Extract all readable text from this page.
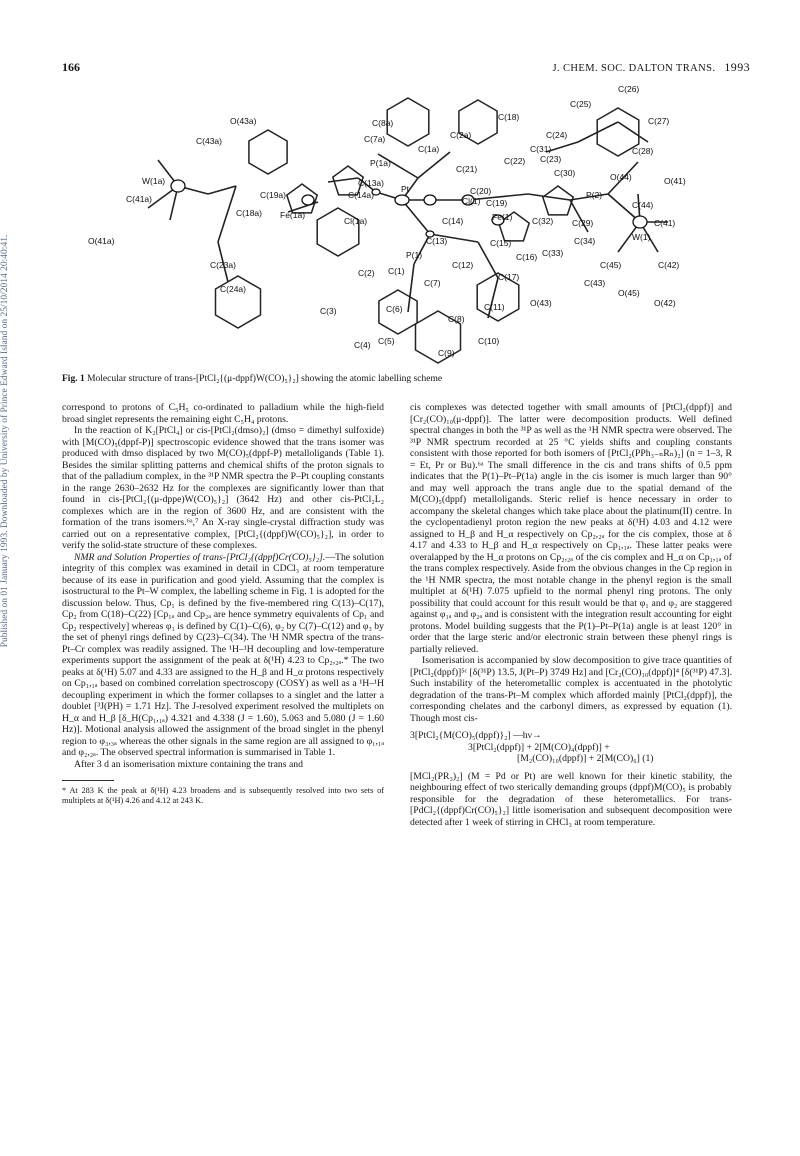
166	J. CHEM. SOC. DALTON TRANS. 1993
Published on 01 January 1993. Downloaded by University of Prince Edward Island on 25/10/2014 20:40:41.
C(26)
C(25)
C(27)
C(18)
C(24)
C(28)
C(31)
C(23)
C(8a)
C(2a)
C(7a)
C(1a)
C(22)
C(30)	O(44)	O(41)
O(43a)
C(43a)
P(1a)
C(21)
C(13a)
C(20)
W(1a)
C(14a)
Cl(1) C(19)
P(2)
C(44)
C(41a)	C(19a)
Pt
C(18a) Fe(1a)
Cl(1a)	C(14)	Fe(1) C(32) C(29)	C(41)
O(41a)	C(13)	C(15)	C(34)	W(1)
P(1)	C(16) C(33)
C(12)
C(23a)
C(2) C(1)
C(17)
C(45)	C(42)
C(7)	C(43)
C(24a)	O(45)
C(3)	C(6)	C(11)	O(43)	O(42)
C(8)
C(4) C(5)	C(10)
C(9)
Fig. 1 Molecular structure of trans-[PtCl₂{(μ-dppf)W(CO)₅}₂] showing the atomic labelling scheme

correspond to protons of C₅H₅ co-ordinated to palladium while the high-field broad singlet represents the remaining eight C₅H₄ protons.

In the reaction of K₂[PtCl₄] or cis-[PtCl₂(dmso)₂] (dmso = dimethyl sulfoxide) with [M(CO)₅(dppf-P)] spectroscopic evidence showed that the trans isomer was produced with dmso displaced by two M(CO)₅(dppf-P) metalloligands (Table 1). Besides the similar splitting patterns and chemical shifts of the proton signals to that of the palladium complex, in the ³¹P NMR spectra the P–Pt coupling constants in the range 2630–2632 Hz for the complexes are significantly lower than that found in cis-[PtCl₂{(μ-dppe)W(CO)₅}₂] (3642 Hz) and other cis-PtCl₂L₂ complexes which are in the region of 3600 Hz, and are consistent with the formation of the trans isomers.⁶ᵃ,⁷ An X-ray single-crystal diffraction study was carried out on a representative complex, [PtCl₂{(dppf)W(CO)₅}₂], in order to verify the solid-state structure of these complexes.

NMR and Solution Properties of trans-[PtCl₂{(dppf)Cr(CO)₅}₂].—The solution integrity of this complex was examined in detail in CDCl₃ at room temperature because of its ease in purification and good yield. Assuming that the complex is isostructural to the Pt–W complex, the labelling scheme in Fig. 1 is adopted for the discussion below. Thus, Cp₁ is defined by the five-membered ring C(13)–C(17), Cp₂ from C(18)–C(22) [Cp₁ₐ and Cp₂ₐ are hence symmetry equivalents of Cp₁ and Cp₂ respectively] whereas φ₁ is defined by C(1)–C(6), φ₂ by C(7)–C(12) and φ₃ by the set of phenyl rings defined by C(23)–C(34). The ¹H NMR spectra of the trans-Pt–Cr complex was readily assigned. The ¹H–¹H decoupling and low-temperature experiments support the assignment of the peak at δ(¹H) 4.23 to Cp₂,₂ₐ.* The two peaks at δ(¹H) 5.07 and 4.33 are assigned to the H_β and H_α protons respectively on Cp₁,₁ₐ based on combined correlation spectroscopy (COSY) as well as a ¹H–¹H decoupling experiment in which the former collapses to a singlet and the latter a doublet [³J(PH) = 1.71 Hz]. The J-resolved experiment resolved the multiplets on H_α and H_β [δ_H(Cp₁,₁ₐ) 4.321 and 4.338 (J = 1.60), 5.063 and 5.080 (J = 1.60 Hz)]. Motional analysis allowed the assignment of the broad singlet in the phenyl region to φ₃,₃ₐ whereas the other signals in the same region are all assigned to φ₁,₁ₐ and φ₂,₂ₐ. The observed spectral information is summarised in Table 1.

After 3 d an isomerisation mixture containing the trans and

* At 283 K the peak at δ(¹H) 4.23 broadens and is subsequently resolved into two sets of multiplets at δ(¹H) 4.26 and 4.12 at 243 K.

cis complexes was detected together with small amounts of [PtCl₂(dppf)] and [Cr₂(CO)₁₀(μ-dppf)]. The latter were decomposition products. Well defined spectral changes in both the ³¹P as well as the ¹H NMR spectra were observed. The ³¹P NMR spectrum recorded at 25 °C yields shifts and coupling constants consistent with those reported for both isomers of [PtCl₂(PPh₃₋ₙRₙ)₂] (n = 1–3, R = Et, Pr or Bu).⁶ᵃ The small difference in the cis and trans shifts of 0.5 ppm indicates that the P(1)–Pt–P(1a) angle in the cis isomer is much larger than 90° and may well approach the trans angle due to the spatial demand of the M(CO)₅(dppf) metalloligands. Steric relief is hence necessary in order to accompany the skeletal changes which take place about the platinum(II) centre. In the cyclopentadienyl proton region the new peaks at δ(¹H) 4.03 and 4.12 were assigned to H_β and H_α respectively on Cp₂,₂ₐ for the cis complex, those at δ 4.17 and 4.33 to H_β and H_α respectively on Cp₁,₁ₐ. These latter peaks were overalapped by the H_α protons on Cp₂,₂ₐ of the cis complex and H_α on Cp₁,₁ₐ of the trans complex respectively. Aside from the obvious changes in the Cp region in the ¹H NMR spectra, the most notable change in the phenyl region is the small multiplet at δ(¹H) 7.075 upfield to the normal phenyl ring protons. The only possibility that could account for this result would be that φ₁ and φ₂ are staggered against φ₁ₐ and φ₂ₐ and is consistent with the integration result accounting for eight protons. Model building suggests that the P(1)–Pt–P(1a) angle is at least 120° in order that the large steric and/or electronic strain between these phenyl rings is partially relieved.

Isomerisation is accompanied by slow decomposition to give trace quantities of [PtCl₂(dppf)]⁵ᶜ [δ(³¹P) 13.5, J(Pt–P) 3749 Hz] and [Cr₂(CO)₁₀(dppf)]⁴ [δ(³¹P) 47.3]. Such instability of the heterometallic complex is accentuated in the photolytic degradation of the trans-Pt–M complex which afforded mainly [PtCl₂(dppf)], the corresponding chelates and the carbonyl dimers, as expressed by equation (1). Though most cis-

3[PtCl₂{M(CO)₅(dppf)}₂] —hν→
3[PtCl₂(dppf)] + 2[M(CO)₄(dppf)] +
[M₂(CO)₁₀(dppf)] + 2[M(CO)₆] (1)

[MCl₂(PR₃)₂] (M = Pd or Pt) are well known for their kinetic stability, the neighbouring effect of two sterically demanding groups (dppf)M(CO)₅ is probably responsible for the degradation of these heterometallics. For trans-[PdCl₂{(dppf)Cr(CO)₅}₂] little isomerisation and subsequent decomposition were detected after 1 week of stirring in CHCl₃ at room temperature.
